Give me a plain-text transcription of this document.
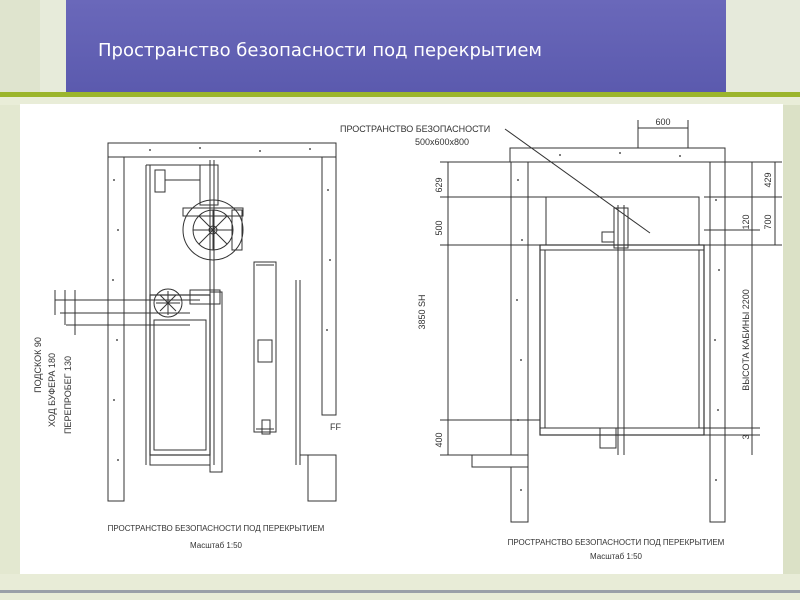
Пространство безопасности под перекрытием
ПОДСКОК 90 ХОД БУФЕРА 180 ПЕРЕПРОБЕГ 130	FF
ПРОСТРАНСТВО БЕЗОПАСНОСТИ ПОД ПЕРЕКРЫТИЕМ
Масштаб 1:50
ПРОСТРАНСТВО БЕЗОПАСНОСТИ
500x600x800
600
629
500
3850 SH
400
429
700
120
ВЫСОТА КАБИНЫ 2200
3
ПРОСТРАНСТВО БЕЗОПАСНОСТИ ПОД ПЕРЕКРЫТИЕМ
Масштаб 1:50
